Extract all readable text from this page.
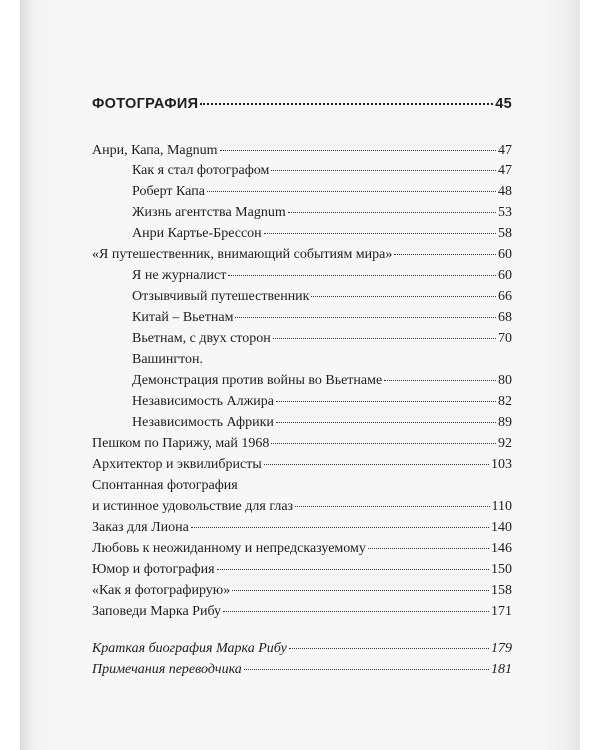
ФОТОГРАФИЯ	45
Анри, Капа, Magnum	47
Как я стал фотографом	47
Роберт Капа	48
Жизнь агентства Magnum	53
Анри Картье-Брессон	58
«Я путешественник, внимающий событиям мира»	60
Я не журналист	60
Отзывчивый путешественник	66
Китай – Вьетнам	68
Вьетнам, с двух сторон	70
Вашингтон.
Демонстрация против войны во Вьетнаме	80
Независимость Алжира	82
Независимость Африки	89
Пешком по Парижу, май 1968	92
Архитектор и эквилибристы	103
Спонтанная фотография
и истинное удовольствие для глаз	110
Заказ для Лиона	140
Любовь к неожиданному и непредсказуемому	146
Юмор и фотография	150
«Как я фотографирую»	158
Заповеди Марка Рибу	171
Краткая биография Марка Рибу	179
Примечания переводчика	181
